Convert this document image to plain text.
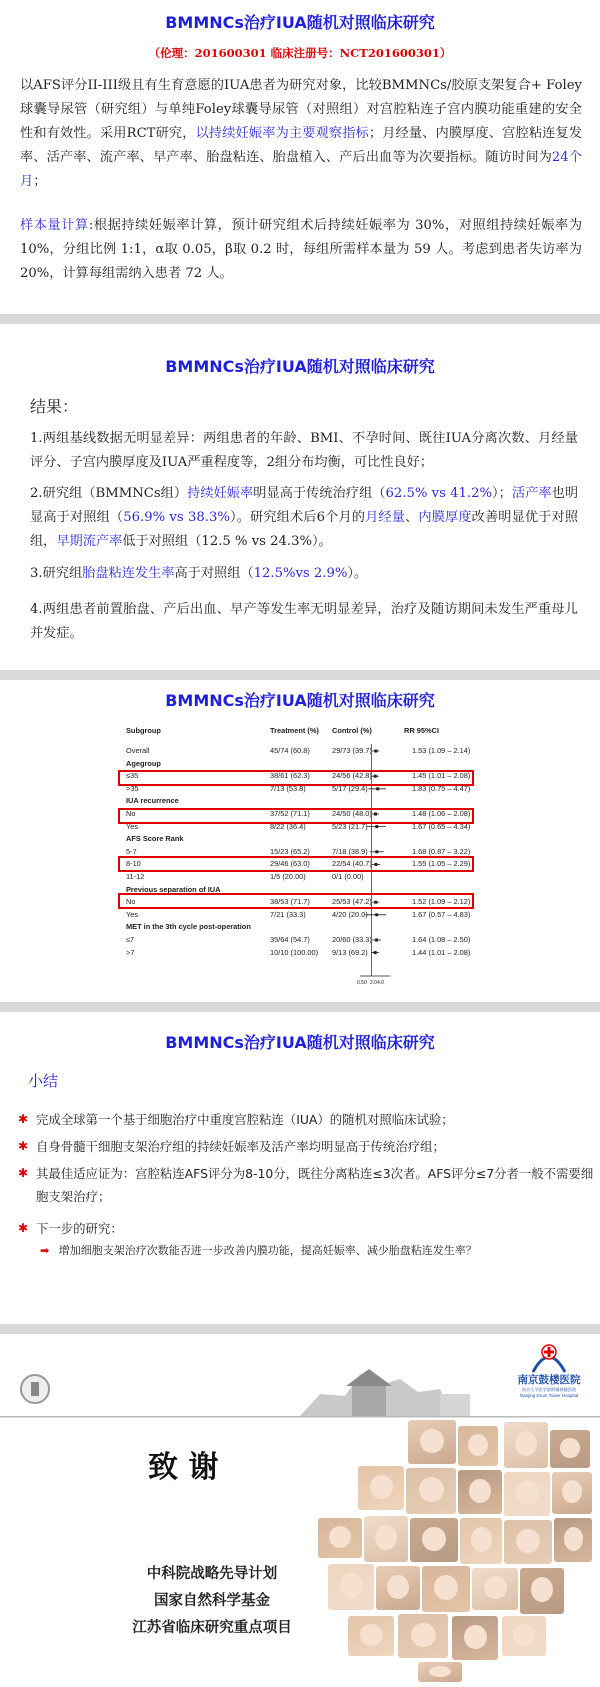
BMMNCs治疗IUA随机对照临床研究
（伦理：201600301 临床注册号：NCT201600301）

以AFS评分II-III级且有生育意愿的IUA患者为研究对象，比较BMMNCs/胶原支架复合+ Foley球囊导尿管（研究组）与单纯Foley球囊导尿管（对照组）对宫腔粘连子宫内膜功能重建的安全性和有效性。采用RCT研究，以持续妊娠率为主要观察指标；月经量、内膜厚度、宫腔粘连复发率、活产率、流产率、早产率、胎盘粘连、胎盘植入、产后出血等为次要指标。随访时间为24个月；

样本量计算:根据持续妊娠率计算，预计研究组术后持续妊娠率为 30%，对照组持续妊娠率为 10%，分组比例 1:1，α取 0.05，β取 0.2 时，每组所需样本量为 59 人。考虑到患者失访率为20%，计算每组需纳入患者 72 人。

BMMNCs治疗IUA随机对照临床研究
结果：

1.两组基线数据无明显差异：两组患者的年龄、BMI、不孕时间、既往IUA分离次数、月经量评分、子宫内膜厚度及IUA严重程度等，2组分布均衡，可比性良好；

2.研究组（BMMNCs组）持续妊娠率明显高于传统治疗组（62.5% vs 41.2%）；活产率也明显高于对照组（56.9% vs 38.3%）。研究组术后6个月的月经量、内膜厚度改善明显优于对照组，早期流产率低于对照组（12.5 % vs 24.3%）。

3.研究组胎盘粘连发生率高于对照组（12.5%vs 2.9%）。

4.两组患者前置胎盘、产后出血、早产等发生率无明显差异，治疗及随访期间未发生严重母儿并发症。

BMMNCs治疗IUA随机对照临床研究
Subgroup	Treatment (%) Control (%)	RR 95%CI
Overall	45/74 (60.8)	29/73 (39.7)	1.53 (1.09 – 2.14)
Agegroup
≤35	38/61 (62.3)	24/56 (42.8)	1.45 (1.01 – 2.08)
>35	7/13 (53.8)	5/17 (29.4)	1.83 (0.75 – 4.47)
IUA recurrence
No	37/52 (71.1)	24/50 (48.0)	1.48 (1.06 – 2.08)
Yes	8/22 (36.4)	5/23 (21.7)	1.67 (0.65 – 4.34)
AFS Score Rank
5-7	15/23 (65.2)	7/18 (38.9)	1.68 (0.87 – 3.22)
8-10	29/46 (63.0)	22/54 (40.7)	1.55 (1.05 – 2.29)
11-12	1/5 (20.00)	0/1 (0.00)
Previous separation of IUA
No	38/53 (71.7)	25/53 (47.2)	1.52 (1.09 – 2.12)
Yes	7/21 (33.3)	4/20 (20.0)	1.67 (0.57 – 4.83)
MET in the 3th cycle post-operation
≤7	35/64 (54.7)	20/60 (33.3)	1.64 (1.08 – 2.50)
>7	10/10 (100.00) 9/13 (69.2)	1.44 (1.01 – 2.08)
0.50 2.04.0
BMMNCs治疗IUA随机对照临床研究
小结
✱ 完成全球第一个基于细胞治疗中重度宫腔粘连（IUA）的随机对照临床试验；
✱ 自身骨髓干细胞支架治疗组的持续妊娠率及活产率均明显高于传统治疗组；
✱ 其最佳适应证为：宫腔粘连AFS评分为8-10分，既往分离粘连≤3次者。AFS评分≤7分者一般不需要细胞支架治疗；
✱ 下一步的研究：
➡ 增加细胞支架治疗次数能否进一步改善内膜功能，提高妊娠率、减少胎盘粘连发生率？
南京鼓楼医院
南京大学医学院附属鼓楼医院
Nanjing Drum Tower Hospital
致 谢
中科院战略先导计划
国家自然科学基金
江苏省临床研究重点项目
